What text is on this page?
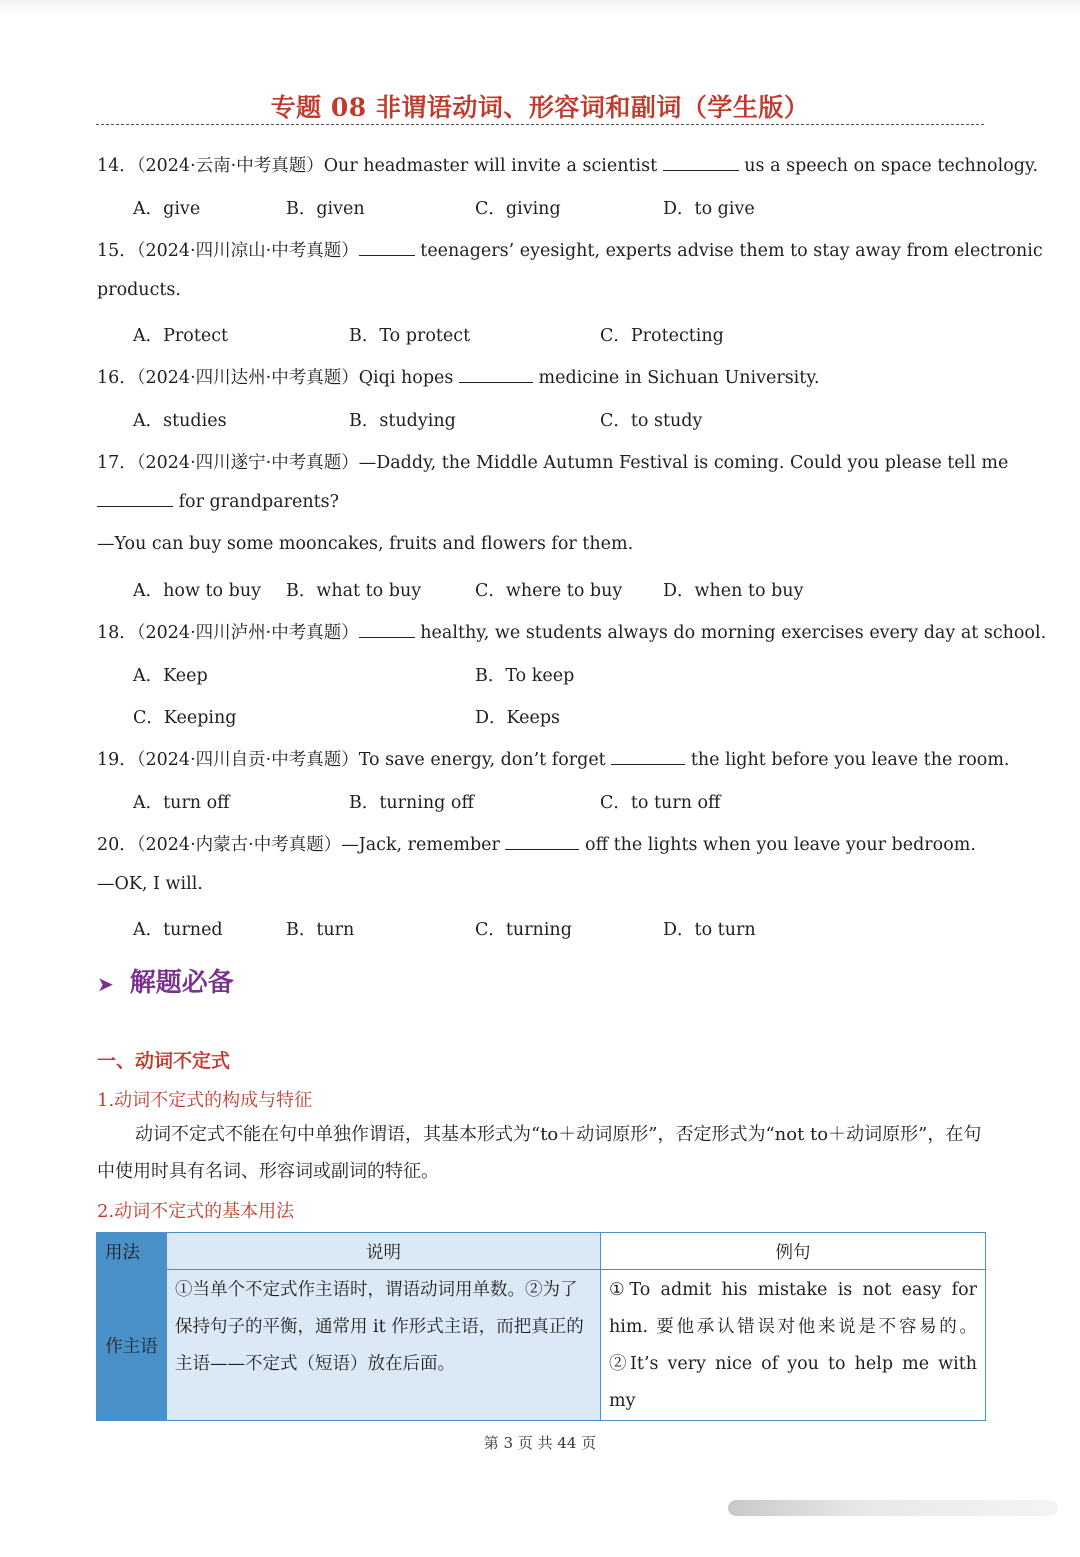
专题 08 非谓语动词、形容词和副词（学生版）
14．（2024·云南·中考真题）Our headmaster will invite a scientist	us a speech on space technology.
A．give	B．given	C．giving	D．to give
15．（2024·四川凉山·中考真题）	teenagers’ eyesight, experts advise them to stay away from electronic
products.
A．Protect	B．To protect	C．Protecting
16．（2024·四川达州·中考真题）Qiqi hopes	medicine in Sichuan University.
A．studies	B．studying	C．to study
17．（2024·四川遂宁·中考真题）—Daddy, the Middle Autumn Festival is coming. Could you please tell me
for grandparents?
—You can buy some mooncakes, fruits and flowers for them.
A．how to buy B．what to buy	C．where to buy D．when to buy
18．（2024·四川泸州·中考真题）	healthy, we students always do morning exercises every day at school.
A．Keep	B．To keep
C．Keeping	D．Keeps
19．（2024·四川自贡·中考真题）To save energy, don’t forget	the light before you leave the room.
A．turn off	B．turning off	C．to turn off
20．（2024·内蒙古·中考真题）—Jack, remember	off the lights when you leave your bedroom.
—OK, I will.
A．turned	B．turn	C．turning	D．to turn
➤ 解题必备
一、动词不定式
1.动词不定式的构成与特征
动词不定式不能在句中单独作谓语，其基本形式为“to＋动词原形”，否定形式为“not to＋动词原形”，在句中使用时具有名词、形容词或副词的特征。
2.动词不定式的基本用法
用法	说明	例句
作主语	①当单个不定式作主语时，谓语动词用单数。②为了保持句子的平衡，通常用 it 作形式主语，而把真正的主语——不定式（短语）放在后面。	①To admit his mistake is not easy for him. 要他承认错误对他来说是不容易的。②It’s very nice of you to help me with my
第 3 页 共 44 页
